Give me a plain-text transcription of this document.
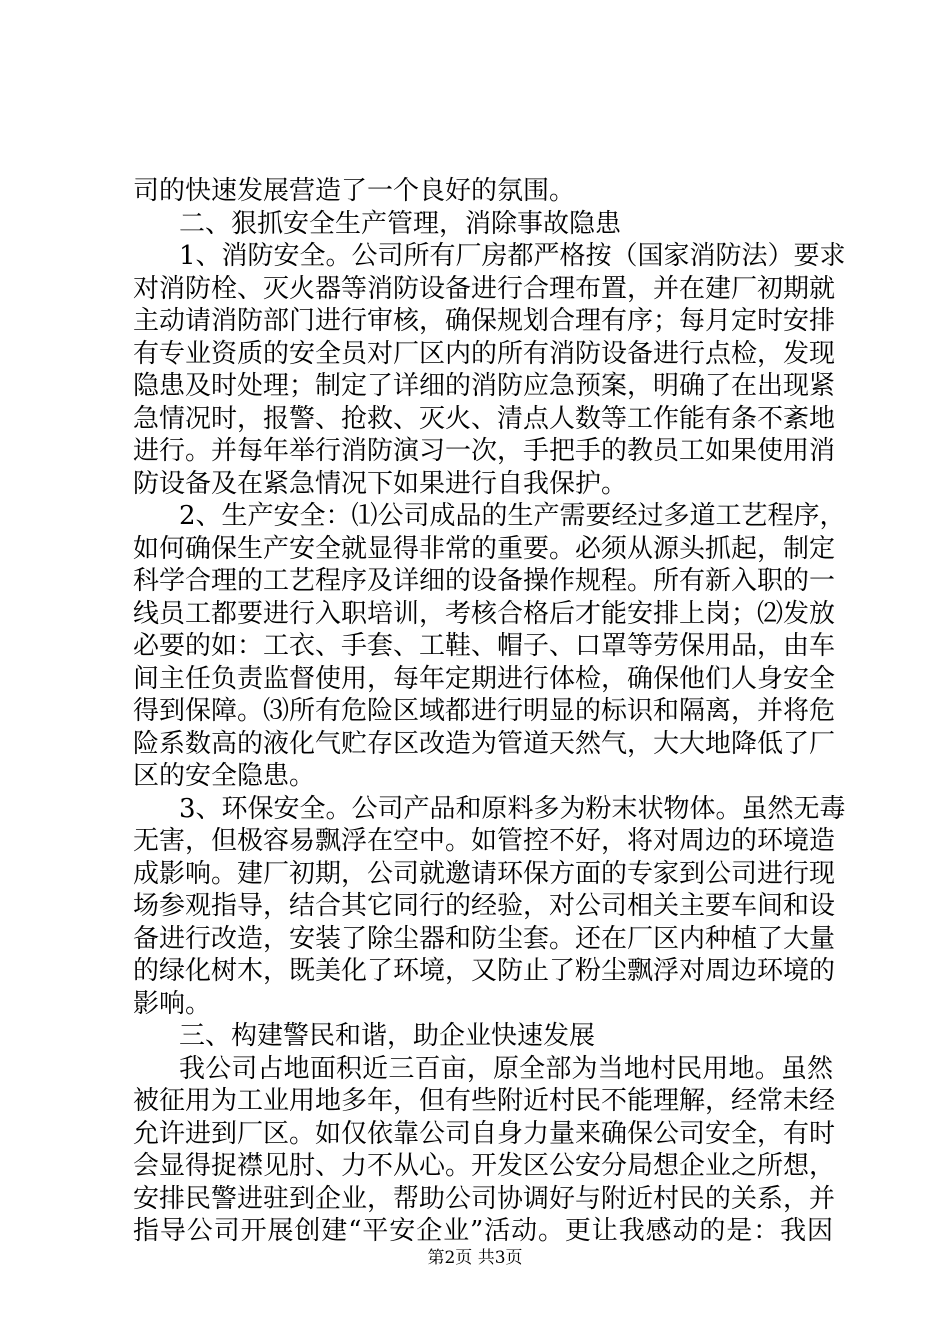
司的快速发展营造了一个良好的氛围。
二、狠抓安全生产管理，消除事故隐患
1、消防安全。公司所有厂房都严格按（国家消防法）要求
对消防栓、灭火器等消防设备进行合理布置，并在建厂初期就
主动请消防部门进行审核，确保规划合理有序；每月定时安排
有专业资质的安全员对厂区内的所有消防设备进行点检，发现
隐患及时处理；制定了详细的消防应急预案，明确了在出现紧
急情况时，报警、抢救、灭火、清点人数等工作能有条不紊地
进行。并每年举行消防演习一次，手把手的教员工如果使用消
防设备及在紧急情况下如果进行自我保护。
2、生产安全：⑴公司成品的生产需要经过多道工艺程序，
如何确保生产安全就显得非常的重要。必须从源头抓起，制定
科学合理的工艺程序及详细的设备操作规程。所有新入职的一
线员工都要进行入职培训，考核合格后才能安排上岗；⑵发放
必要的如：工衣、手套、工鞋、帽子、口罩等劳保用品，由车
间主任负责监督使用，每年定期进行体检，确保他们人身安全
得到保障。⑶所有危险区域都进行明显的标识和隔离，并将危
险系数高的液化气贮存区改造为管道天然气，大大地降低了厂
区的安全隐患。
3、环保安全。公司产品和原料多为粉末状物体。虽然无毒
无害，但极容易飘浮在空中。如管控不好，将对周边的环境造
成影响。建厂初期，公司就邀请环保方面的专家到公司进行现
场参观指导，结合其它同行的经验，对公司相关主要车间和设
备进行改造，安装了除尘器和防尘套。还在厂区内种植了大量
的绿化树木，既美化了环境，又防止了粉尘飘浮对周边环境的
影响。
三、构建警民和谐，助企业快速发展
我公司占地面积近三百亩，原全部为当地村民用地。虽然
被征用为工业用地多年，但有些附近村民不能理解，经常未经
允许进到厂区。如仅依靠公司自身力量来确保公司安全，有时
会显得捉襟见肘、力不从心。开发区公安分局想企业之所想，
安排民警进驻到企业，帮助公司协调好与附近村民的关系，并
指导公司开展创建“平安企业”活动。更让我感动的是：我因
第2页 共3页
